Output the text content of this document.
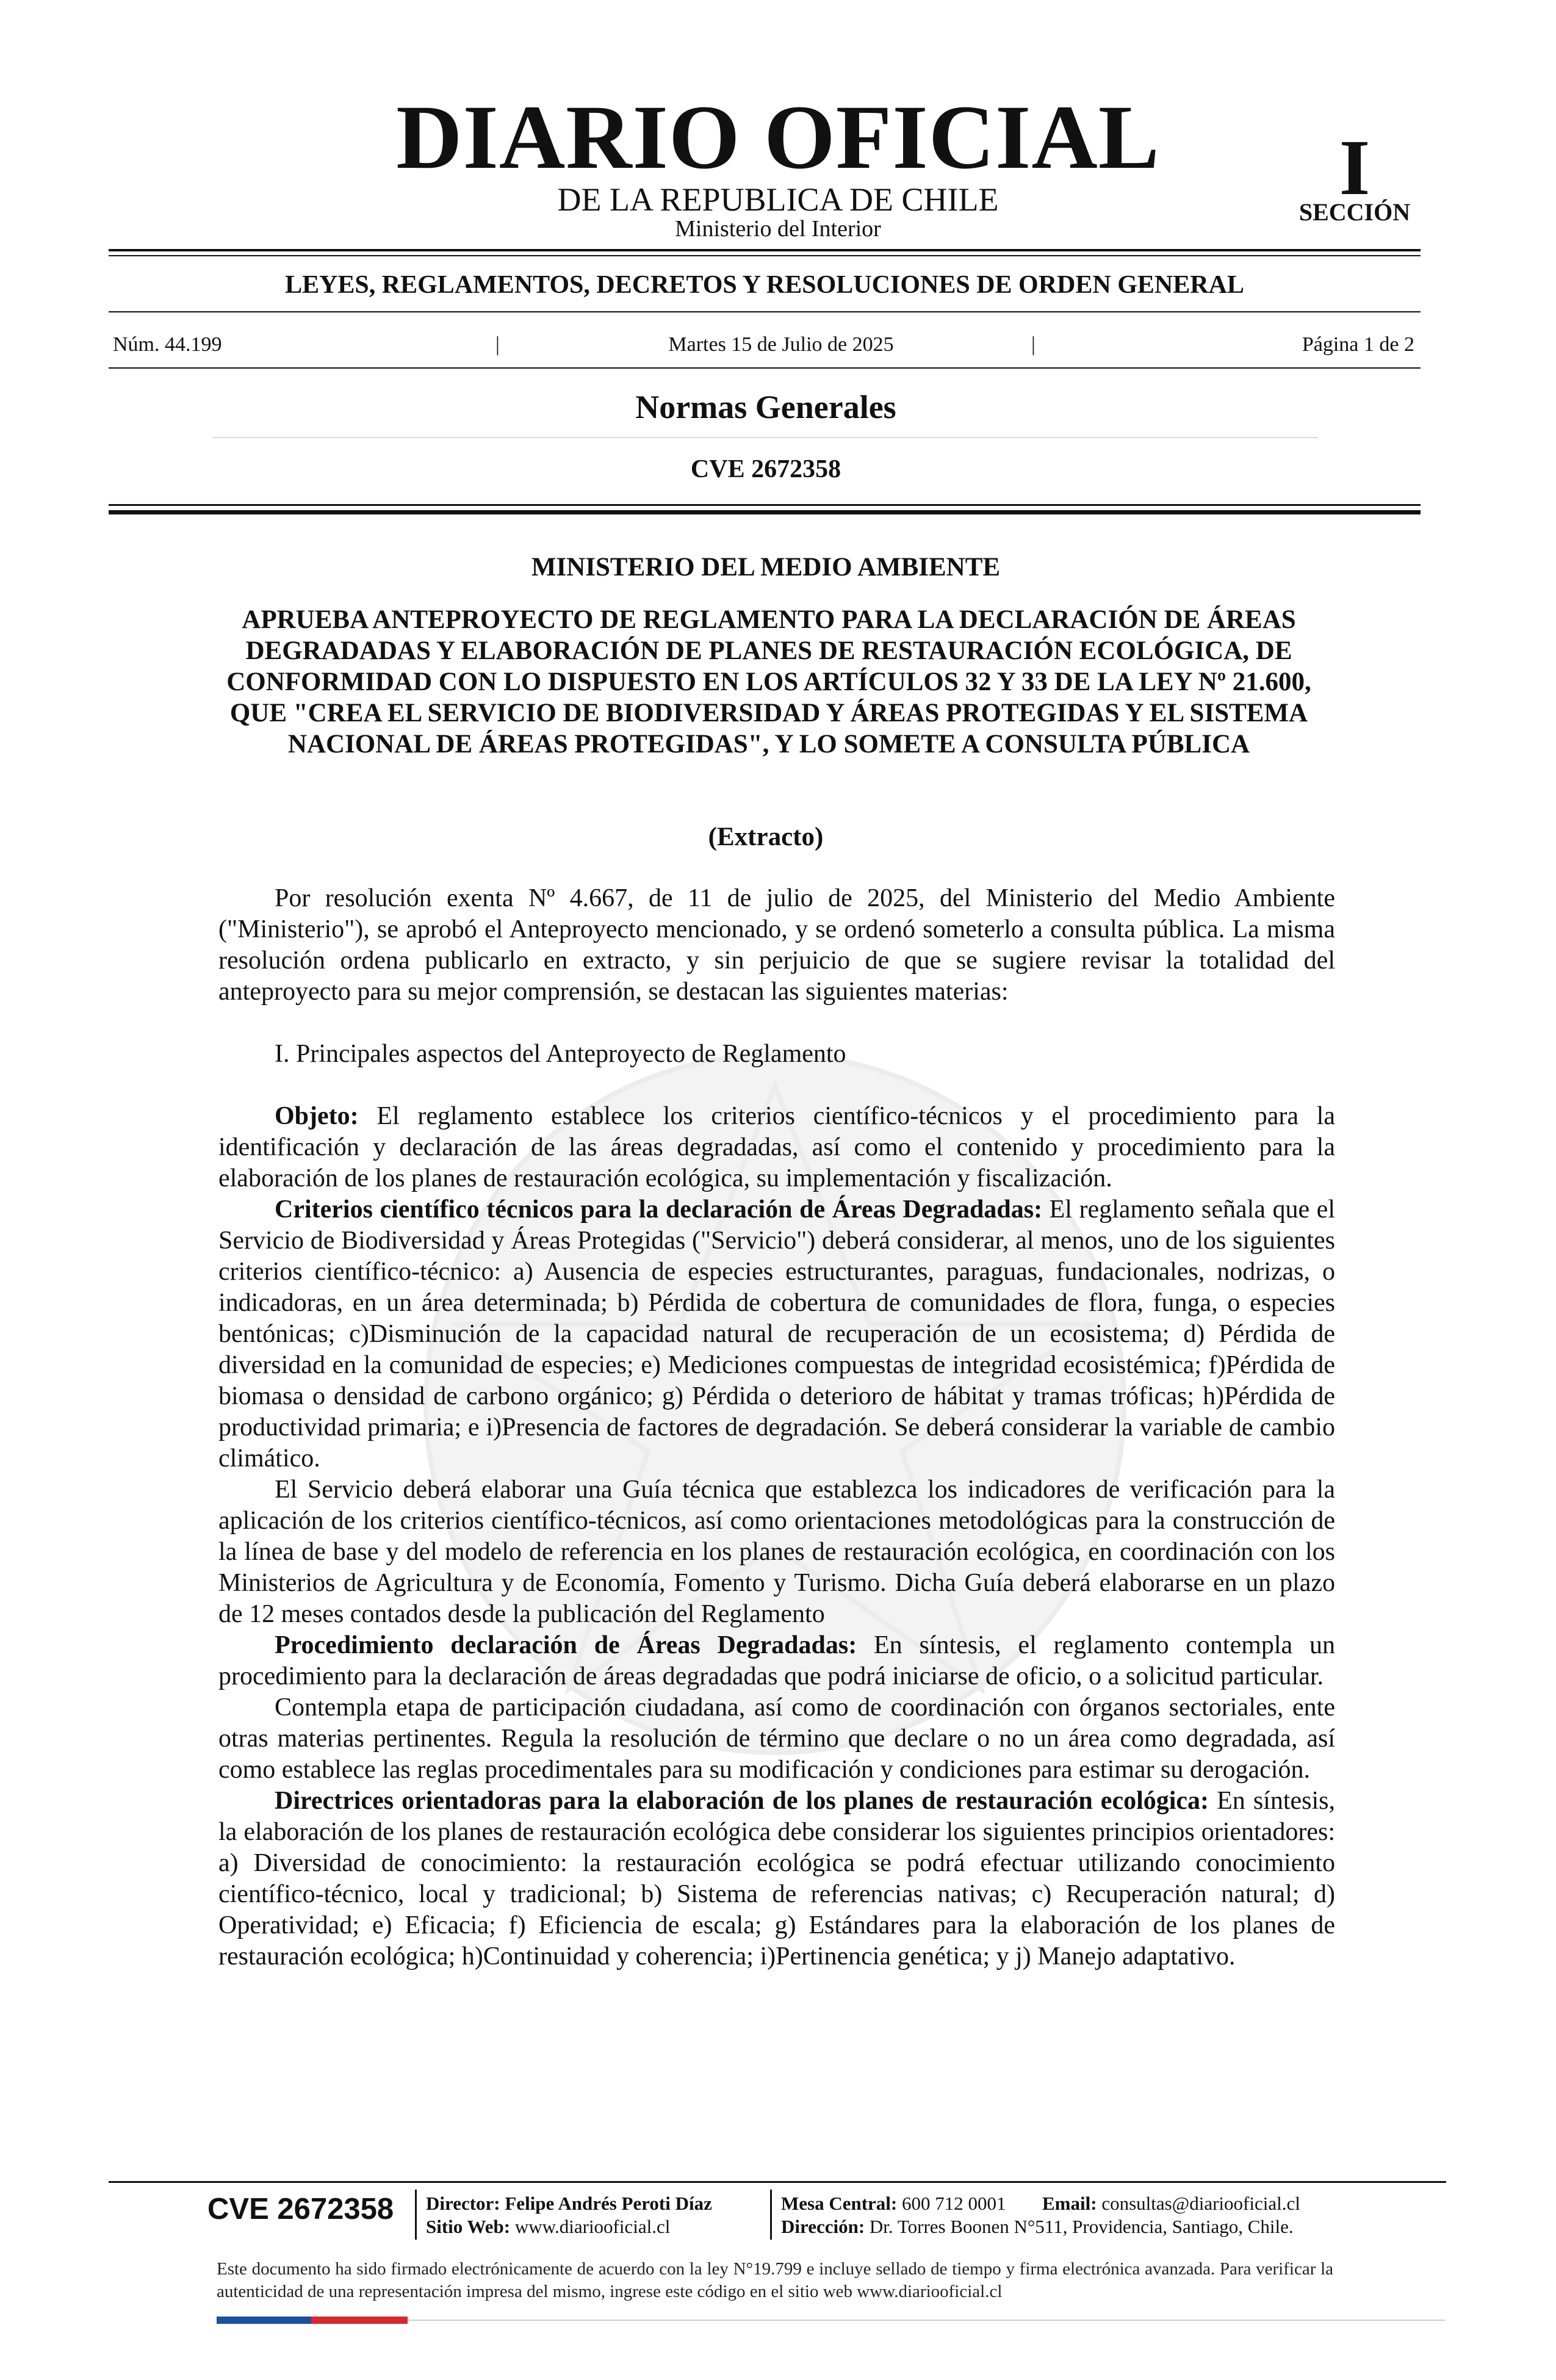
DIARIO OFICIAL
DE LA REPUBLICA DE CHILE
Ministerio del Interior
I
SECCIÓN
LEYES, REGLAMENTOS, DECRETOS Y RESOLUCIONES DE ORDEN GENERAL
Núm. 44.199	|	Martes 15 de Julio de 2025	|	Página 1 de 2
Normas Generales
CVE 2672358
MINISTERIO DEL MEDIO AMBIENTE
APRUEBA ANTEPROYECTO DE REGLAMENTO PARA LA DECLARACIÓN DE ÁREAS DEGRADADAS Y ELABORACIÓN DE PLANES DE RESTAURACIÓN ECOLÓGICA, DE CONFORMIDAD CON LO DISPUESTO EN LOS ARTÍCULOS 32 Y 33 DE LA LEY Nº 21.600, QUE "CREA EL SERVICIO DE BIODIVERSIDAD Y ÁREAS PROTEGIDAS Y EL SISTEMA NACIONAL DE ÁREAS PROTEGIDAS", Y LO SOMETE A CONSULTA PÚBLICA
(Extracto)

Por resolución exenta Nº 4.667, de 11 de julio de 2025, del Ministerio del Medio Ambiente ("Ministerio"), se aprobó el Anteproyecto mencionado, y se ordenó someterlo a consulta pública. La misma resolución ordena publicarlo en extracto, y sin perjuicio de que se sugiere revisar la totalidad del anteproyecto para su mejor comprensión, se destacan las siguientes materias:

I. Principales aspectos del Anteproyecto de Reglamento

Objeto: El reglamento establece los criterios científico-técnicos y el procedimiento para la identificación y declaración de las áreas degradadas, así como el contenido y procedimiento para la elaboración de los planes de restauración ecológica, su implementación y fiscalización.

Criterios científico técnicos para la declaración de Áreas Degradadas: El reglamento señala que el Servicio de Biodiversidad y Áreas Protegidas ("Servicio") deberá considerar, al menos, uno de los siguientes criterios científico-técnico: a) Ausencia de especies estructurantes, paraguas, fundacionales, nodrizas, o indicadoras, en un área determinada; b) Pérdida de cobertura de comunidades de flora, funga, o especies bentónicas; c)Disminución de la capacidad natural de recuperación de un ecosistema; d) Pérdida de diversidad en la comunidad de especies; e) Mediciones compuestas de integridad ecosistémica; f)Pérdida de biomasa o densidad de carbono orgánico; g) Pérdida o deterioro de hábitat y tramas tróficas; h)Pérdida de productividad primaria; e i)Presencia de factores de degradación. Se deberá considerar la variable de cambio climático.

El Servicio deberá elaborar una Guía técnica que establezca los indicadores de verificación para la aplicación de los criterios científico-técnicos, así como orientaciones metodológicas para la construcción de la línea de base y del modelo de referencia en los planes de restauración ecológica, en coordinación con los Ministerios de Agricultura y de Economía, Fomento y Turismo. Dicha Guía deberá elaborarse en un plazo de 12 meses contados desde la publicación del Reglamento

Procedimiento declaración de Áreas Degradadas: En síntesis, el reglamento contempla un procedimiento para la declaración de áreas degradadas que podrá iniciarse de oficio, o a solicitud particular.

Contempla etapa de participación ciudadana, así como de coordinación con órganos sectoriales, ente otras materias pertinentes. Regula la resolución de término que declare o no un área como degradada, así como establece las reglas procedimentales para su modificación y condiciones para estimar su derogación.

Directrices orientadoras para la elaboración de los planes de restauración ecológica: En síntesis, la elaboración de los planes de restauración ecológica debe considerar los siguientes principios orientadores: a) Diversidad de conocimiento: la restauración ecológica se podrá efectuar utilizando conocimiento científico-técnico, local y tradicional; b) Sistema de referencias nativas; c) Recuperación natural; d) Operatividad; e) Eficacia; f) Eficiencia de escala; g) Estándares para la elaboración de los planes de restauración ecológica; h)Continuidad y coherencia; i)Pertinencia genética; y j) Manejo adaptativo.

CVE 2672358 Director: Felipe Andrés Peroti Díaz
Sitio Web: www.diariooficial.cl
Mesa Central: 600 712 0001 Email: consultas@diariooficial.cl
Dirección: Dr. Torres Boonen N°511, Providencia, Santiago, Chile.
Este documento ha sido firmado electrónicamente de acuerdo con la ley N°19.799 e incluye sellado de tiempo y firma electrónica avanzada. Para verificar la autenticidad de una representación impresa del mismo, ingrese este código en el sitio web www.diariooficial.cl
